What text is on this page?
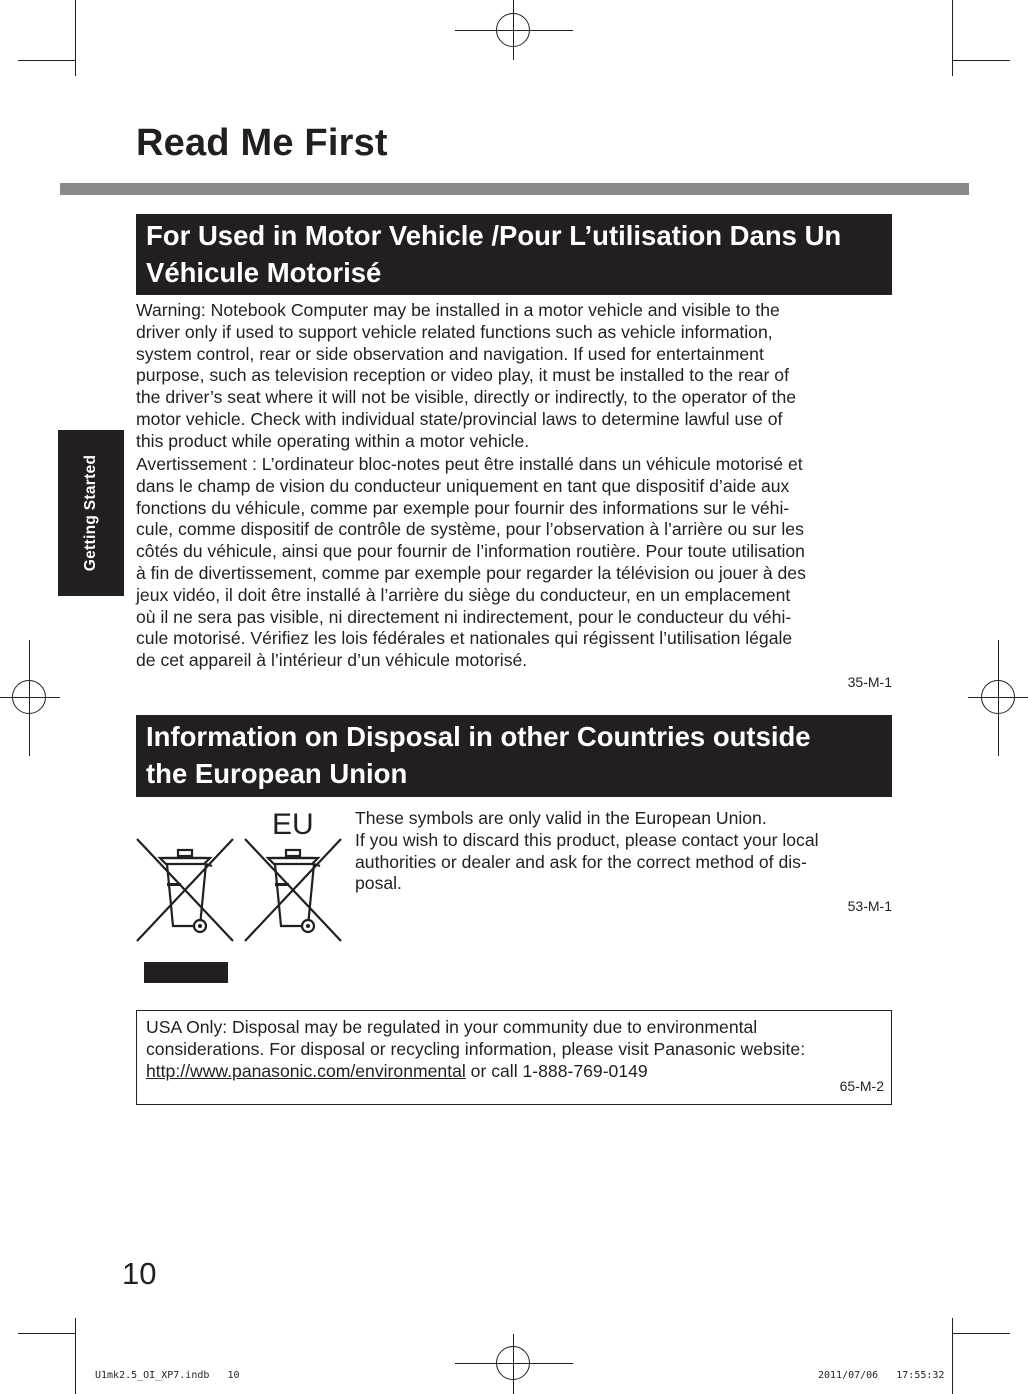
Read Me First
Getting Started
For Used in Motor Vehicle /Pour L’utilisation Dans Un
Véhicule Motorisé
Warning: Notebook Computer may be installed in a motor vehicle and visible to the
driver only if used to support vehicle related functions such as vehicle information,
system control, rear or side observation and navigation. If used for entertainment
purpose, such as television reception or video play, it must be installed to the rear of
the driver’s seat where it will not be visible, directly or indirectly, to the operator of the
motor vehicle. Check with individual state/provincial laws to determine lawful use of
this product while operating within a motor vehicle.
Avertissement : L’ordinateur bloc-notes peut être installé dans un véhicule motorisé et
dans le champ de vision du conducteur uniquement en tant que dispositif d’aide aux
fonctions du véhicule, comme par exemple pour fournir des informations sur le véhi-
cule, comme dispositif de contrôle de système, pour l’observation à l’arrière ou sur les
côtés du véhicule, ainsi que pour fournir de l’information routière. Pour toute utilisation
à fin de divertissement, comme par exemple pour regarder la télévision ou jouer à des
jeux vidéo, il doit être installé à l’arrière du siège du conducteur, en un emplacement
où il ne sera pas visible, ni directement ni indirectement, pour le conducteur du véhi-
cule motorisé. Vérifiez les lois fédérales et nationales qui régissent l’utilisation légale
de cet appareil à l’intérieur d’un véhicule motorisé.
35-M-1
Information on Disposal in other Countries outside
the European Union
EU These symbols are only valid in the European Union.
If you wish to discard this product, please contact your local
authorities or dealer and ask for the correct method of dis-
posal.
53-M-1
USA Only: Disposal may be regulated in your community due to environmental
considerations. For disposal or recycling information, please visit Panasonic website:
http://www.panasonic.com/environmental or call 1-888-769-0149
65-M-2
10
U1mk2.5_OI_XP7.indb   10	2011/07/06   17:55:32
